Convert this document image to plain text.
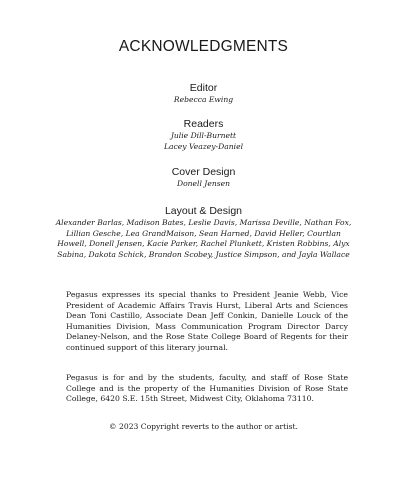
ACKNOWLEDGMENTS

Editor

Rebecca Ewing

Readers

Julie Dill-Burnett
Lacey Veazey-Daniel

Cover Design

Donell Jensen

Layout & Design

Alexander Barlas, Madison Bates, Leslie Davis, Marissa Deville, Nathan Fox, Lillian Gesche, Lea GrandMaison, Sean Harned, David Heller, Courtlan Howell, Donell Jensen, Kacie Parker, Rachel Plunkett, Kristen Robbins, Alyx Sabina, Dakota Schick, Brandon Scobey, Justice Simpson, and Jayla Wallace

Pegasus expresses its special thanks to President Jeanie Webb, Vice President of Academic Affairs Travis Hurst, Liberal Arts and Sciences Dean Toni Castillo, Associate Dean Jeff Conkin, Danielle Louck of the Humanities Division, Mass Communication Program Director Darcy Delaney-Nelson, and the Rose State College Board of Regents for their continued support of this literary journal.

Pegasus is for and by the students, faculty, and staff of Rose State College and is the property of the Humanities Division of Rose State College, 6420 S.E. 15th Street, Midwest City, Oklahoma 73110.

© 2023 Copyright reverts to the author or artist.
